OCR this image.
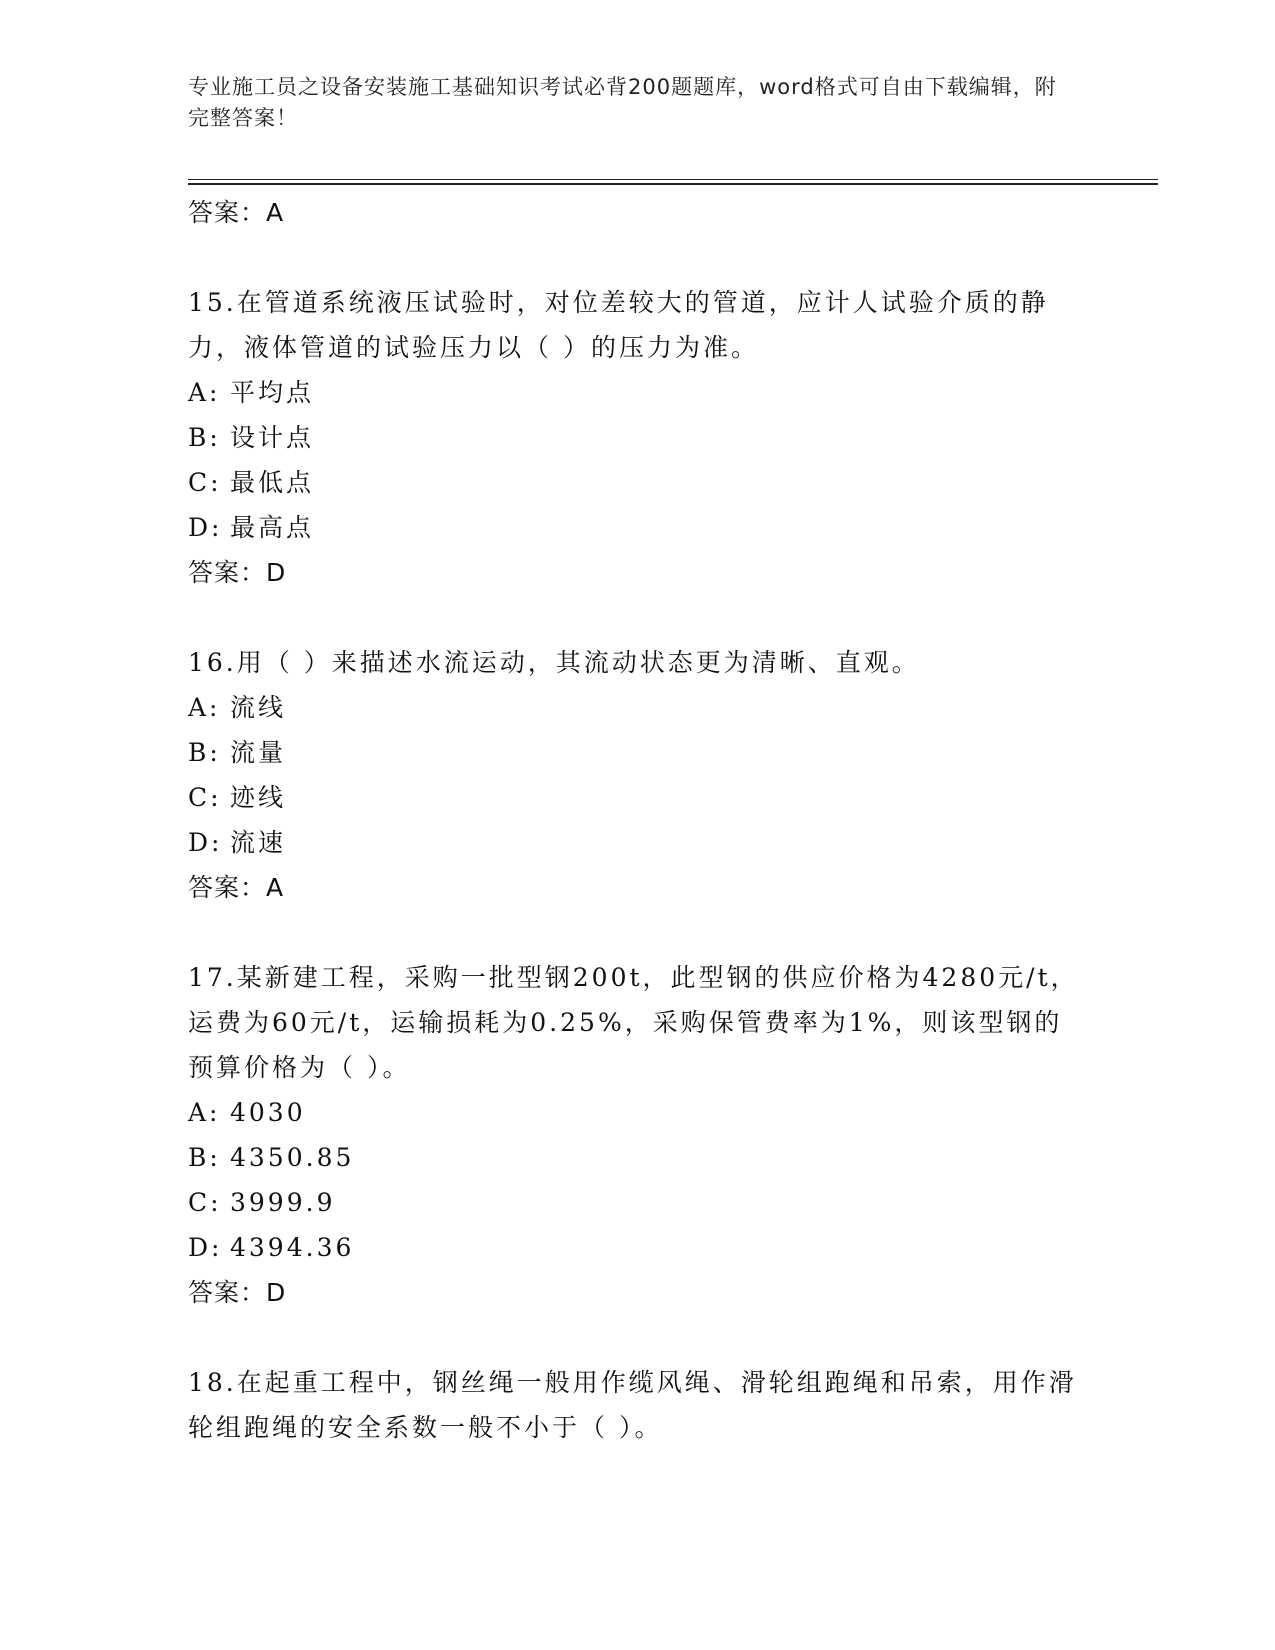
专业施工员之设备安装施工基础知识考试必背200题题库，word格式可自由下载编辑，附完整答案！
答案：A
15.在管道系统液压试验时，对位差较大的管道，应计人试验介质的静力，液体管道的试验压力以（ ）的压力为准。
A: 平均点
B: 设计点
C: 最低点
D: 最高点
答案：D
16.用（ ）来描述水流运动，其流动状态更为清晰、直观。
A: 流线
B: 流量
C: 迹线
D: 流速
答案：A
17.某新建工程，采购一批型钢200t，此型钢的供应价格为4280元/t，运费为60元/t，运输损耗为0.25%，采购保管费率为1%，则该型钢的预算价格为（ ）。
A: 4030
B: 4350.85
C: 3999.9
D: 4394.36
答案：D
18.在起重工程中，钢丝绳一般用作缆风绳、滑轮组跑绳和吊索，用作滑轮组跑绳的安全系数一般不小于（ ）。
